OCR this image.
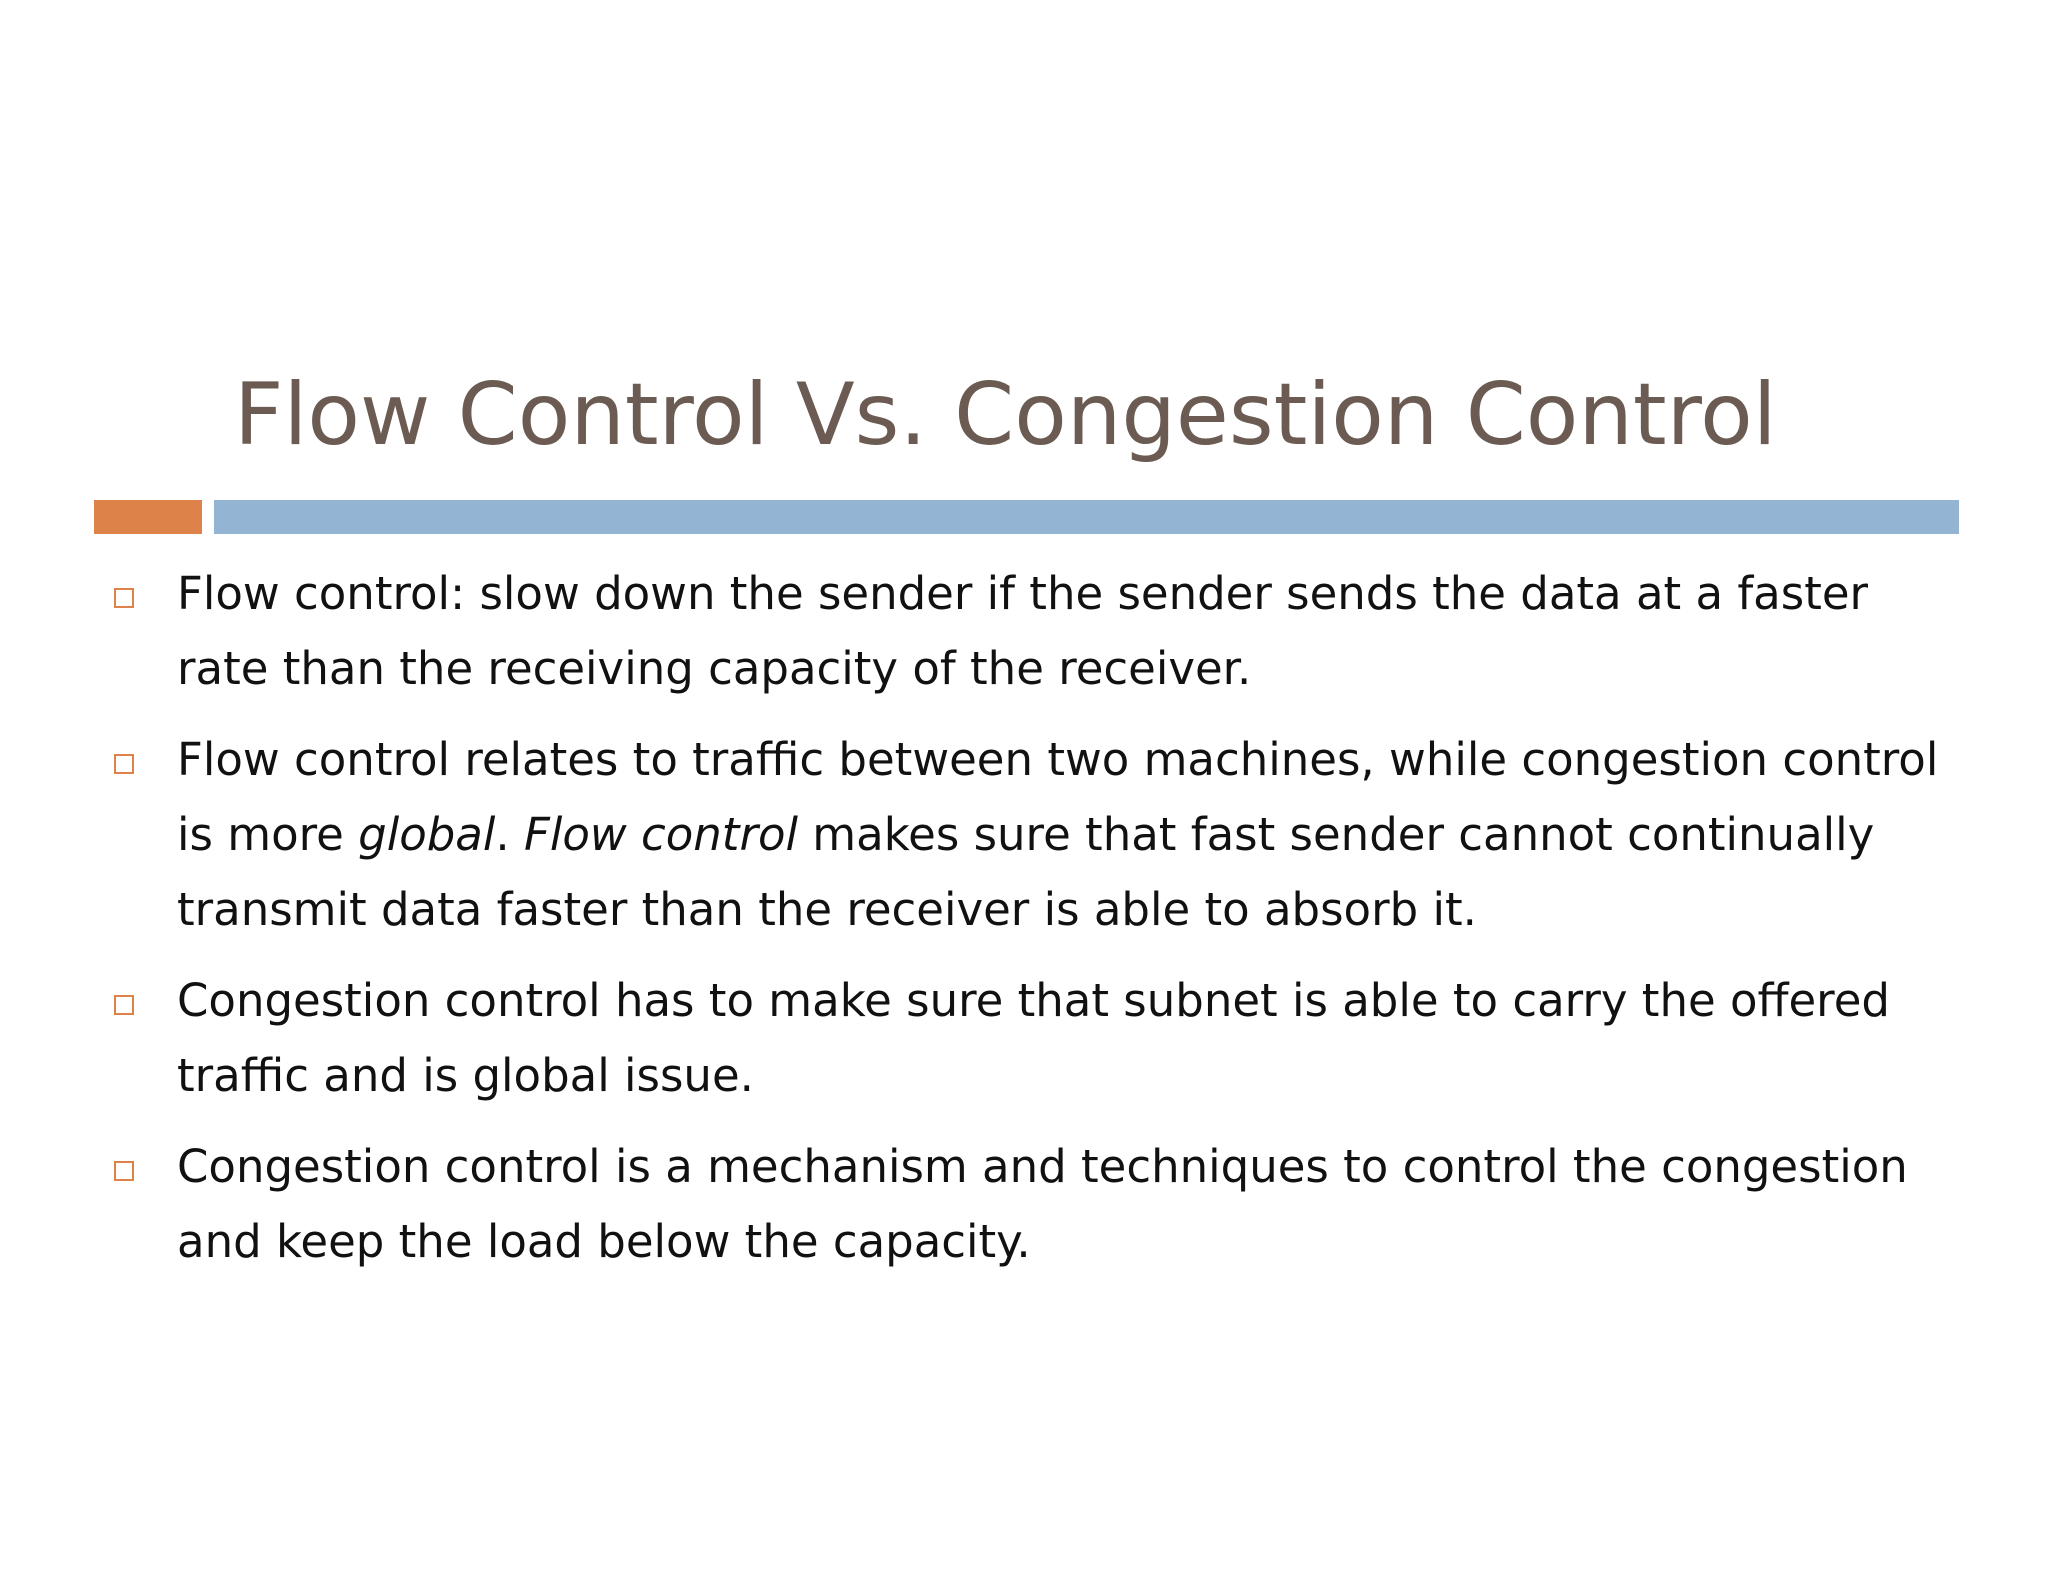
Flow Control Vs. Congestion Control
Flow control: slow down the sender if the sender sends the data at a faster rate than the receiving capacity of the receiver.
Flow control relates to traffic between two machines, while congestion control is more global. Flow control makes sure that fast sender cannot continually transmit data faster than the receiver is able to absorb it.
Congestion control has to make sure that subnet is able to carry the offered traffic and is global issue.
Congestion control is a mechanism and techniques to control the congestion and keep the load below the capacity.
